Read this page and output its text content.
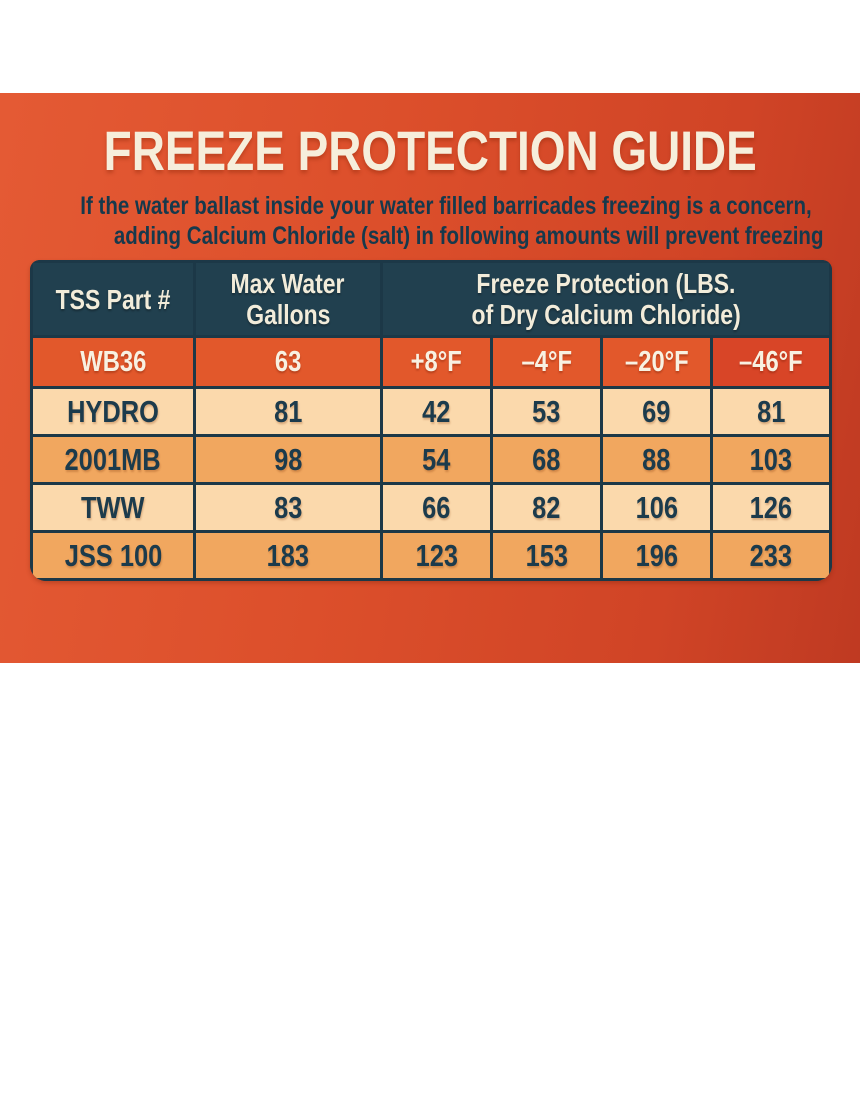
FREEZE PROTECTION GUIDE
If the water ballast inside your water filled barricades freezing is a concern,
adding Calcium Chloride (salt) in following amounts will prevent freezing
TSS Part #	Max Water
Gallons

Freeze Protection (LBS.
of Dry Calcium Chloride)

WB36	63	+8°F	–4°F	–20°F	–46°F
HYDRO	81	42	53	69	81
2001MB	98	54	68	88	103
TWW	83	66	82	106	126
JSS 100	183	123	153	196	233
